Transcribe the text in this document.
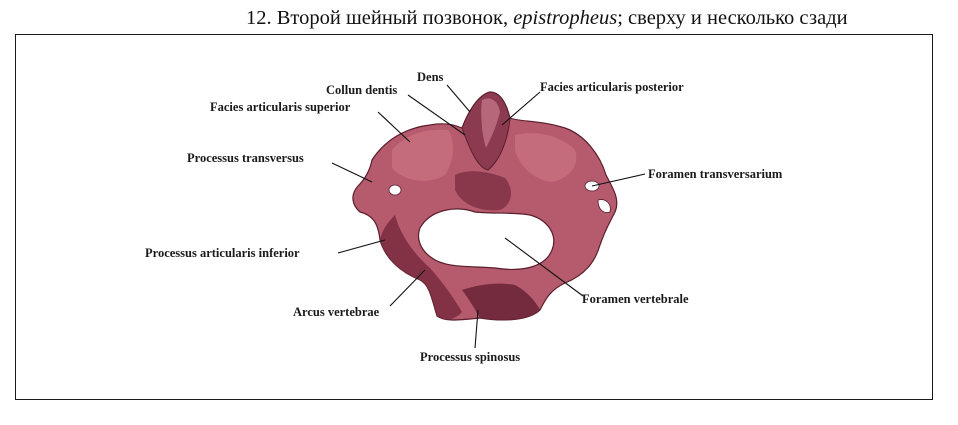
12. Второй шейный позвонок, epistropheus; сверху и несколько сзади
Dens
Collun dentis	Facies articularis posterior
Facies articularis superior
Processus transversus
Foramen transversarium
Processus articularis inferior
Foramen vertebrale
Arcus vertebrae
Processus spinosus
